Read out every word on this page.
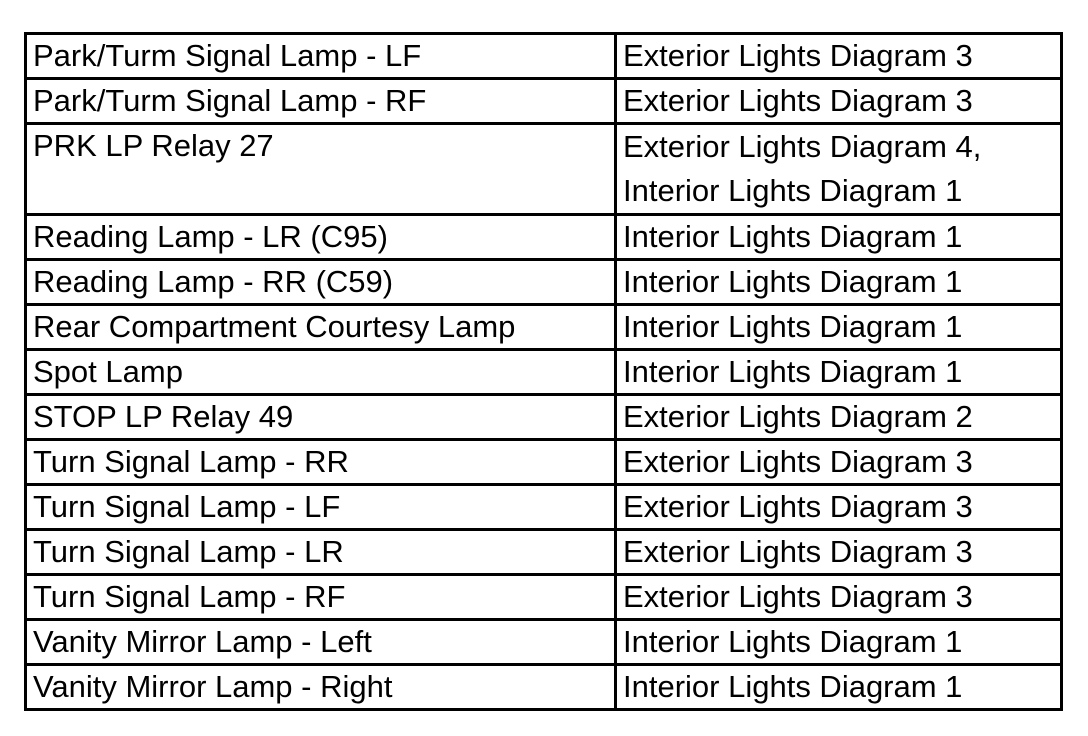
Park/Turm Signal Lamp - LF	Exterior Lights Diagram 3

Park/Turm Signal Lamp - RF	Exterior Lights Diagram 3

PRK LP Relay 27	Exterior Lights Diagram 4,
Interior Lights Diagram 1

Reading Lamp - LR (C95)	Interior Lights Diagram 1

Reading Lamp - RR (C59)	Interior Lights Diagram 1

Rear Compartment Courtesy Lamp	Interior Lights Diagram 1

Spot Lamp	Interior Lights Diagram 1

STOP LP Relay 49	Exterior Lights Diagram 2

Turn Signal Lamp - RR	Exterior Lights Diagram 3

Turn Signal Lamp - LF	Exterior Lights Diagram 3

Turn Signal Lamp - LR	Exterior Lights Diagram 3

Turn Signal Lamp - RF	Exterior Lights Diagram 3

Vanity Mirror Lamp - Left	Interior Lights Diagram 1

Vanity Mirror Lamp - Right	Interior Lights Diagram 1
